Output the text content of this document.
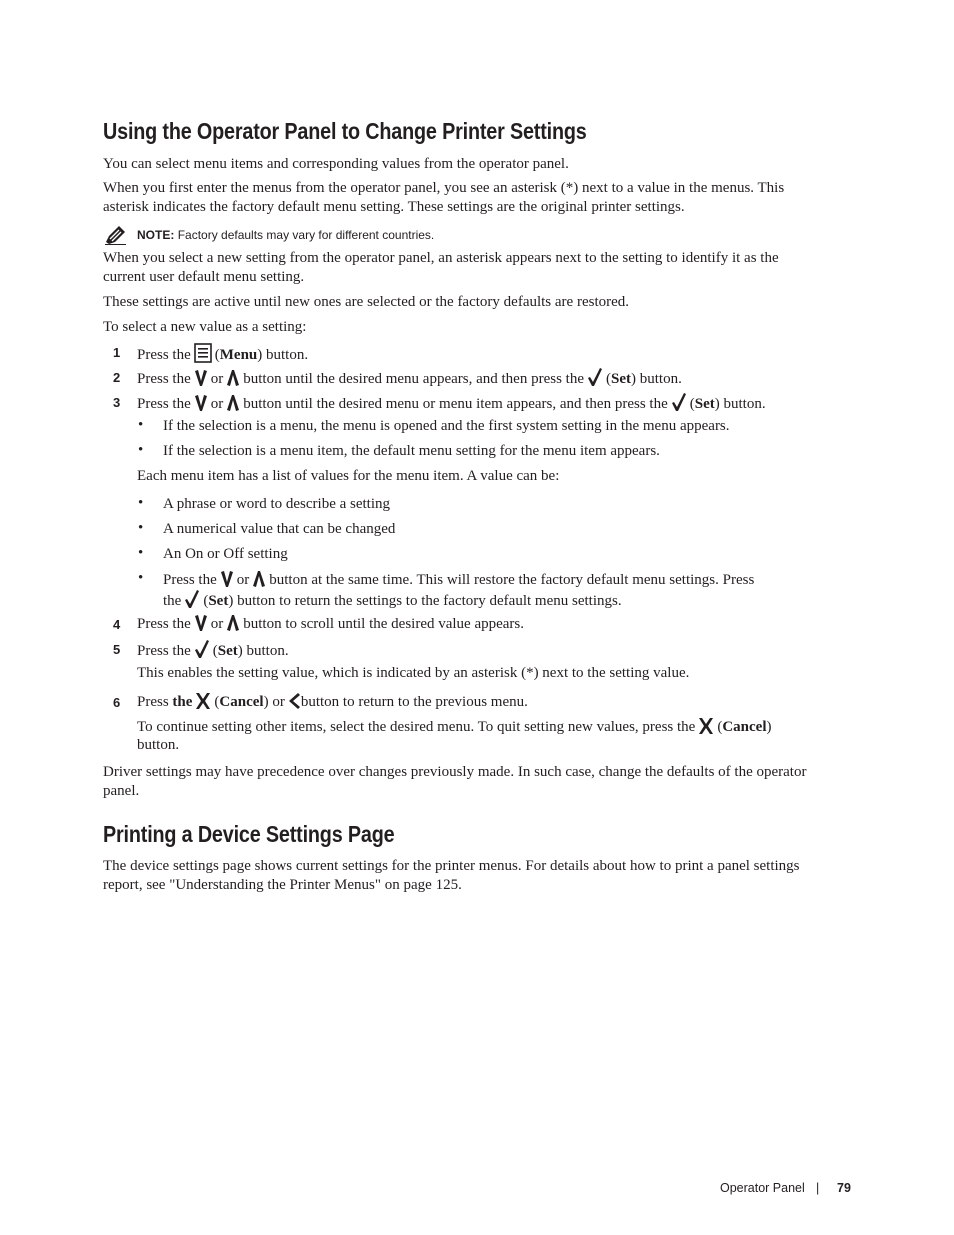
Using the Operator Panel to Change Printer Settings
You can select menu items and corresponding values from the operator panel.
When you first enter the menus from the operator panel, you see an asterisk (*) next to a value in the menus. This
asterisk indicates the factory default menu setting. These settings are the original printer settings.
NOTE: Factory defaults may vary for different countries.
When you select a new setting from the operator panel, an asterisk appears next to the setting to identify it as the
current user default menu setting.
These settings are active until new ones are selected or the factory defaults are restored.
To select a new value as a setting:
1 Press the (Menu) button.
2 Press the or button until the desired menu appears, and then press the (Set) button.
3 Press the or button until the desired menu or menu item appears, and then press the (Set) button.
• If the selection is a menu, the menu is opened and the first system setting in the menu appears.
• If the selection is a menu item, the default menu setting for the menu item appears.
Each menu item has a list of values for the menu item. A value can be:
• A phrase or word to describe a setting
• A numerical value that can be changed
• An On or Off setting
• Press the or button at the same time. This will restore the factory default menu settings. Press
the (Set) button to return the settings to the factory default menu settings.
4 Press the or button to scroll until the desired value appears.
5 Press the (Set) button.
This enables the setting value, which is indicated by an asterisk (*) next to the setting value.
6 Press the (Cancel) or button to return to the previous menu.
To continue setting other items, select the desired menu. To quit setting new values, press the (Cancel)
button.
Driver settings may have precedence over changes previously made. In such case, change the defaults of the operator
panel.
Printing a Device Settings Page
The device settings page shows current settings for the printer menus. For details about how to print a panel settings
report, see "Understanding the Printer Menus" on page 125.
Operator Panel | 79
